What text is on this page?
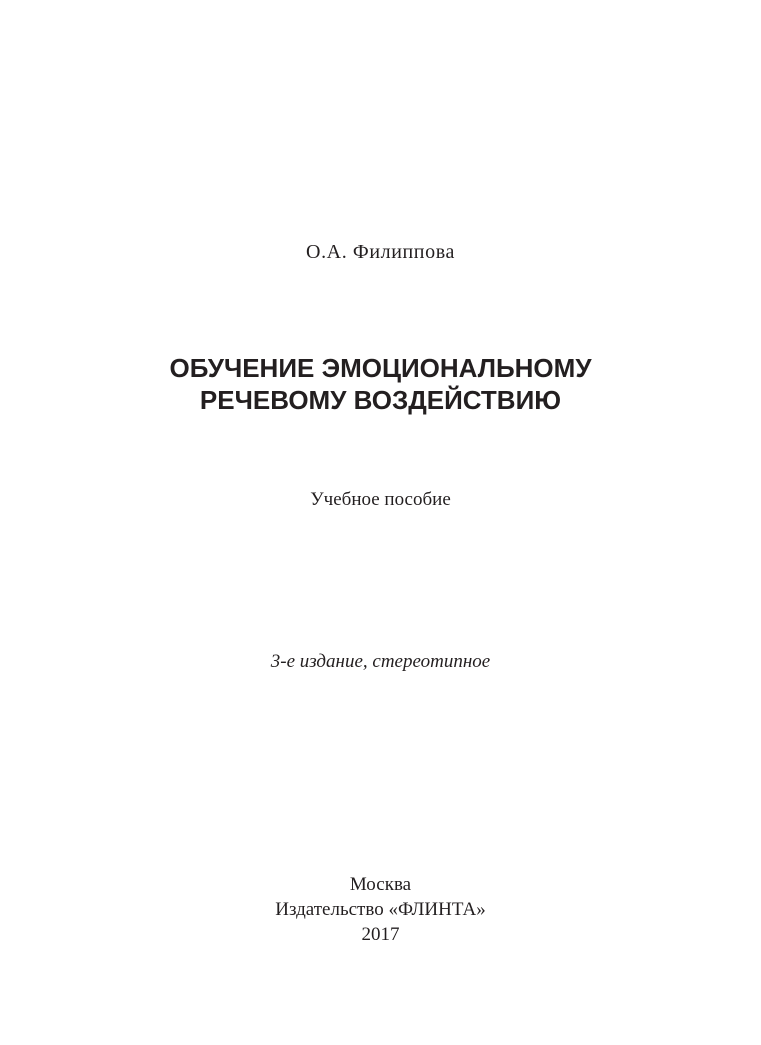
О.А. Филиппова
ОБУЧЕНИЕ ЭМОЦИОНАЛЬНОМУ
РЕЧЕВОМУ ВОЗДЕЙСТВИЮ
Учебное пособие
3-е издание, стереотипное
Москва
Издательство «ФЛИНТА»
2017
